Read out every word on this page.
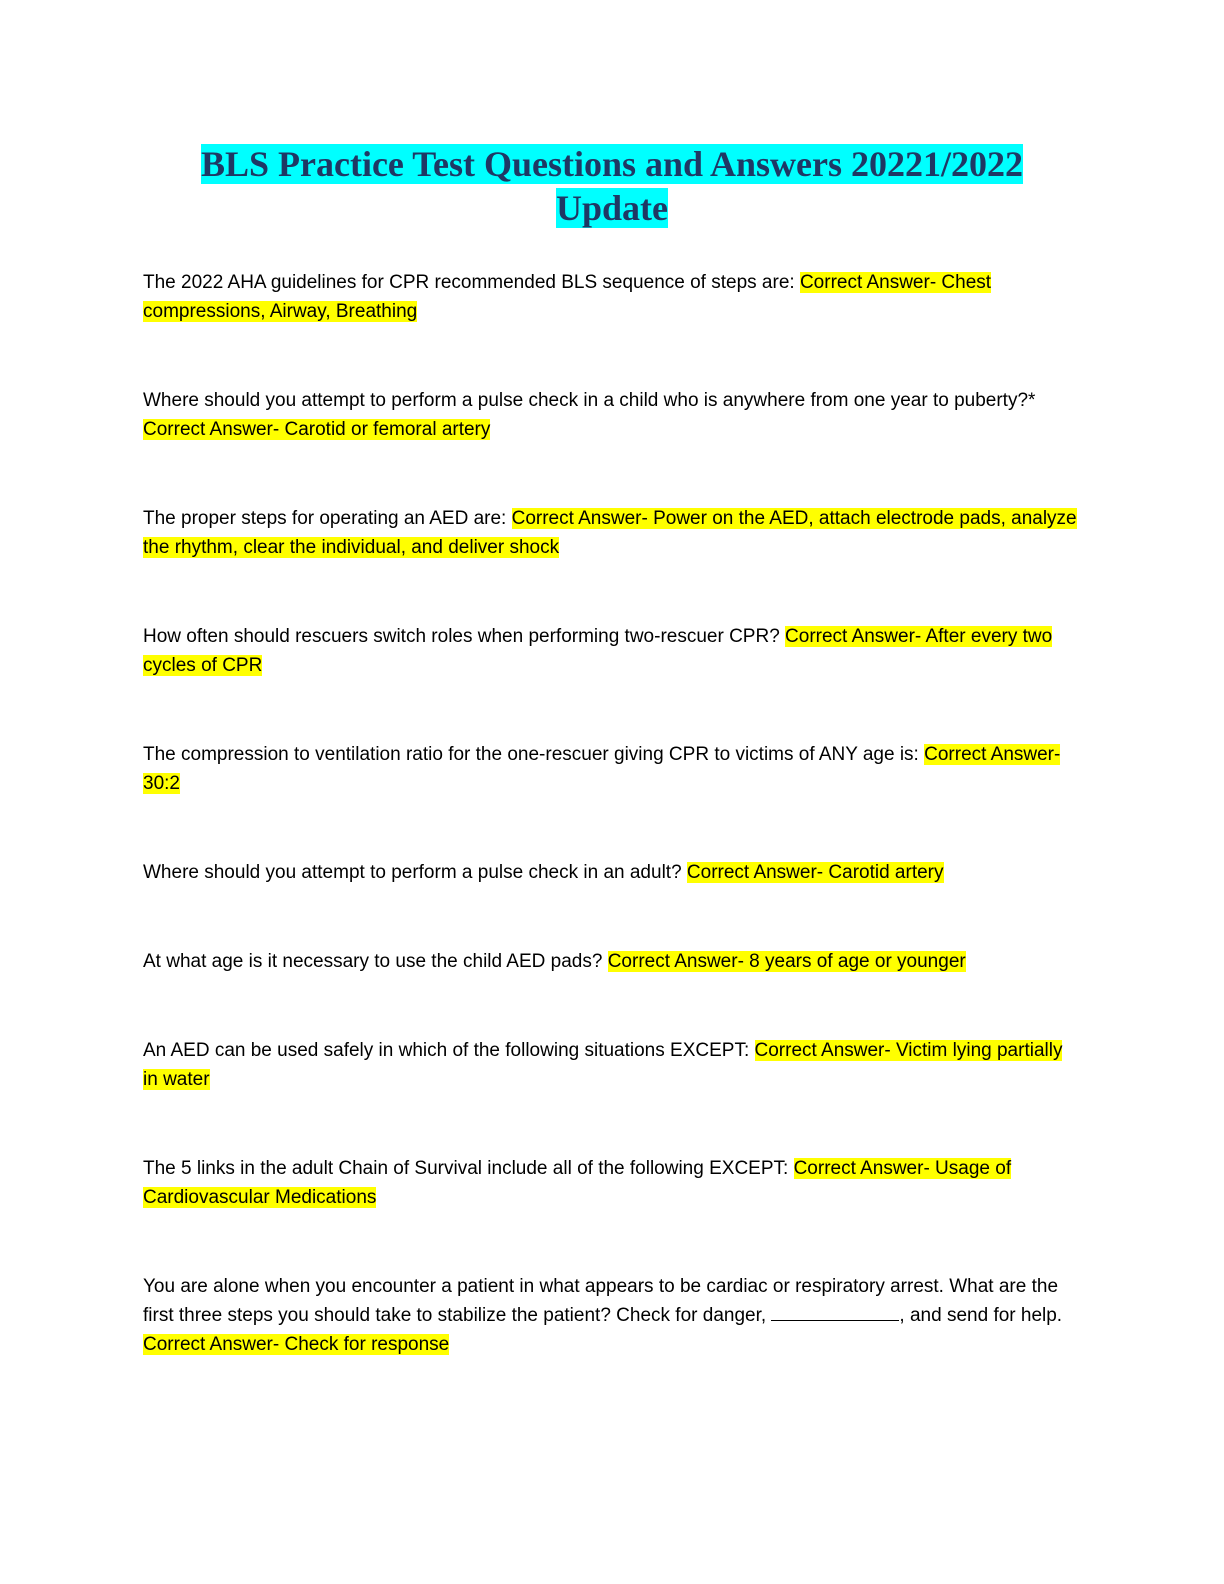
BLS Practice Test Questions and Answers 20221/2022
Update

The 2022 AHA guidelines for CPR recommended BLS sequence of steps are: Correct Answer- Chest compressions, Airway, Breathing

Where should you attempt to perform a pulse check in a child who is anywhere from one year to puberty?* Correct Answer- Carotid or femoral artery

The proper steps for operating an AED are: Correct Answer- Power on the AED, attach electrode pads, analyze the rhythm, clear the individual, and deliver shock

How often should rescuers switch roles when performing two-rescuer CPR? Correct Answer- After every two cycles of CPR

The compression to ventilation ratio for the one-rescuer giving CPR to victims of ANY age is: Correct Answer- 30:2

Where should you attempt to perform a pulse check in an adult? Correct Answer- Carotid artery

At what age is it necessary to use the child AED pads? Correct Answer- 8 years of age or younger

An AED can be used safely in which of the following situations EXCEPT: Correct Answer- Victim lying partially in water

The 5 links in the adult Chain of Survival include all of the following EXCEPT: Correct Answer- Usage of Cardiovascular Medications

You are alone when you encounter a patient in what appears to be cardiac or respiratory arrest. What are the first three steps you should take to stabilize the patient? Check for danger,	, and send for help. Correct Answer- Check for response
